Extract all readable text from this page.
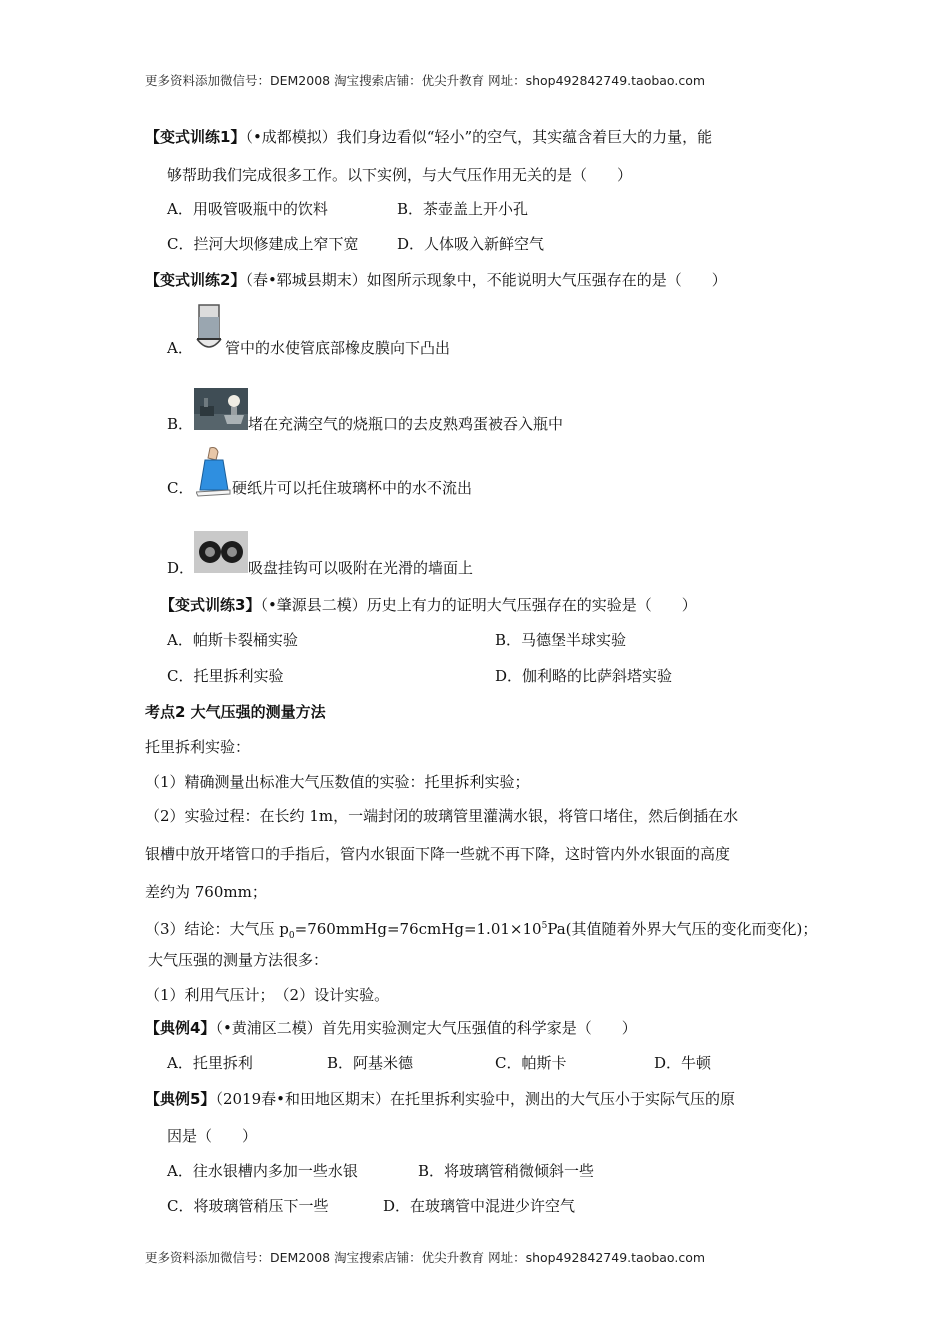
更多资料添加微信号：DEM2008 淘宝搜索店铺：优尖升教育 网址：shop492842749.taobao.com
【变式训练1】（•成都模拟）我们身边看似“轻小”的空气，其实蕴含着巨大的力量，能
够帮助我们完成很多工作。以下实例，与大气压作用无关的是（　　）
A．用吸管吸瓶中的饮料	B．茶壶盖上开小孔
C．拦河大坝修建成上窄下宽	D．人体吸入新鲜空气
【变式训练2】（春•郓城县期末）如图所示现象中，不能说明大气压强存在的是（　　）
A． 管中的水使管底部橡皮膜向下凸出
B．	堵在充满空气的烧瓶口的去皮熟鸡蛋被吞入瓶中
C．	硬纸片可以托住玻璃杯中的水不流出
D．	吸盘挂钩可以吸附在光滑的墙面上
【变式训练3】（•肇源县二模）历史上有力的证明大气压强存在的实验是（　　）
A．帕斯卡裂桶实验	B．马德堡半球实验
C．托里拆利实验	D．伽利略的比萨斜塔实验
考点2 大气压强的测量方法
托里拆利实验：
（1）精确测量出标准大气压数值的实验：托里拆利实验；
（2）实验过程：在长约 1m，一端封闭的玻璃管里灌满水银，将管口堵住，然后倒插在水
银槽中放开堵管口的手指后，管内水银面下降一些就不再下降，这时管内外水银面的高度
差约为 760mm；
（3）结论：大气压 $p_0=760mmHg=76cmHg=1.01\times 10^5Pa$(其值随着外界大气压的变化而变化)；
大气压强的测量方法很多：
（1）利用气压计；　（2）设计实验。
【典例4】（•黄浦区二模）首先用实验测定大气压强值的科学家是（　　）
A．托里拆利	B．阿基米德	C．帕斯卡	D．牛顿
【典例5】（2019春•和田地区期末）在托里拆利实验中，测出的大气压小于实际气压的原
因是（　　）
A．往水银槽内多加一些水银	B．将玻璃管稍微倾斜一些
C．将玻璃管稍压下一些	D．在玻璃管中混进少许空气
更多资料添加微信号：DEM2008 淘宝搜索店铺：优尖升教育 网址：shop492842749.taobao.com
